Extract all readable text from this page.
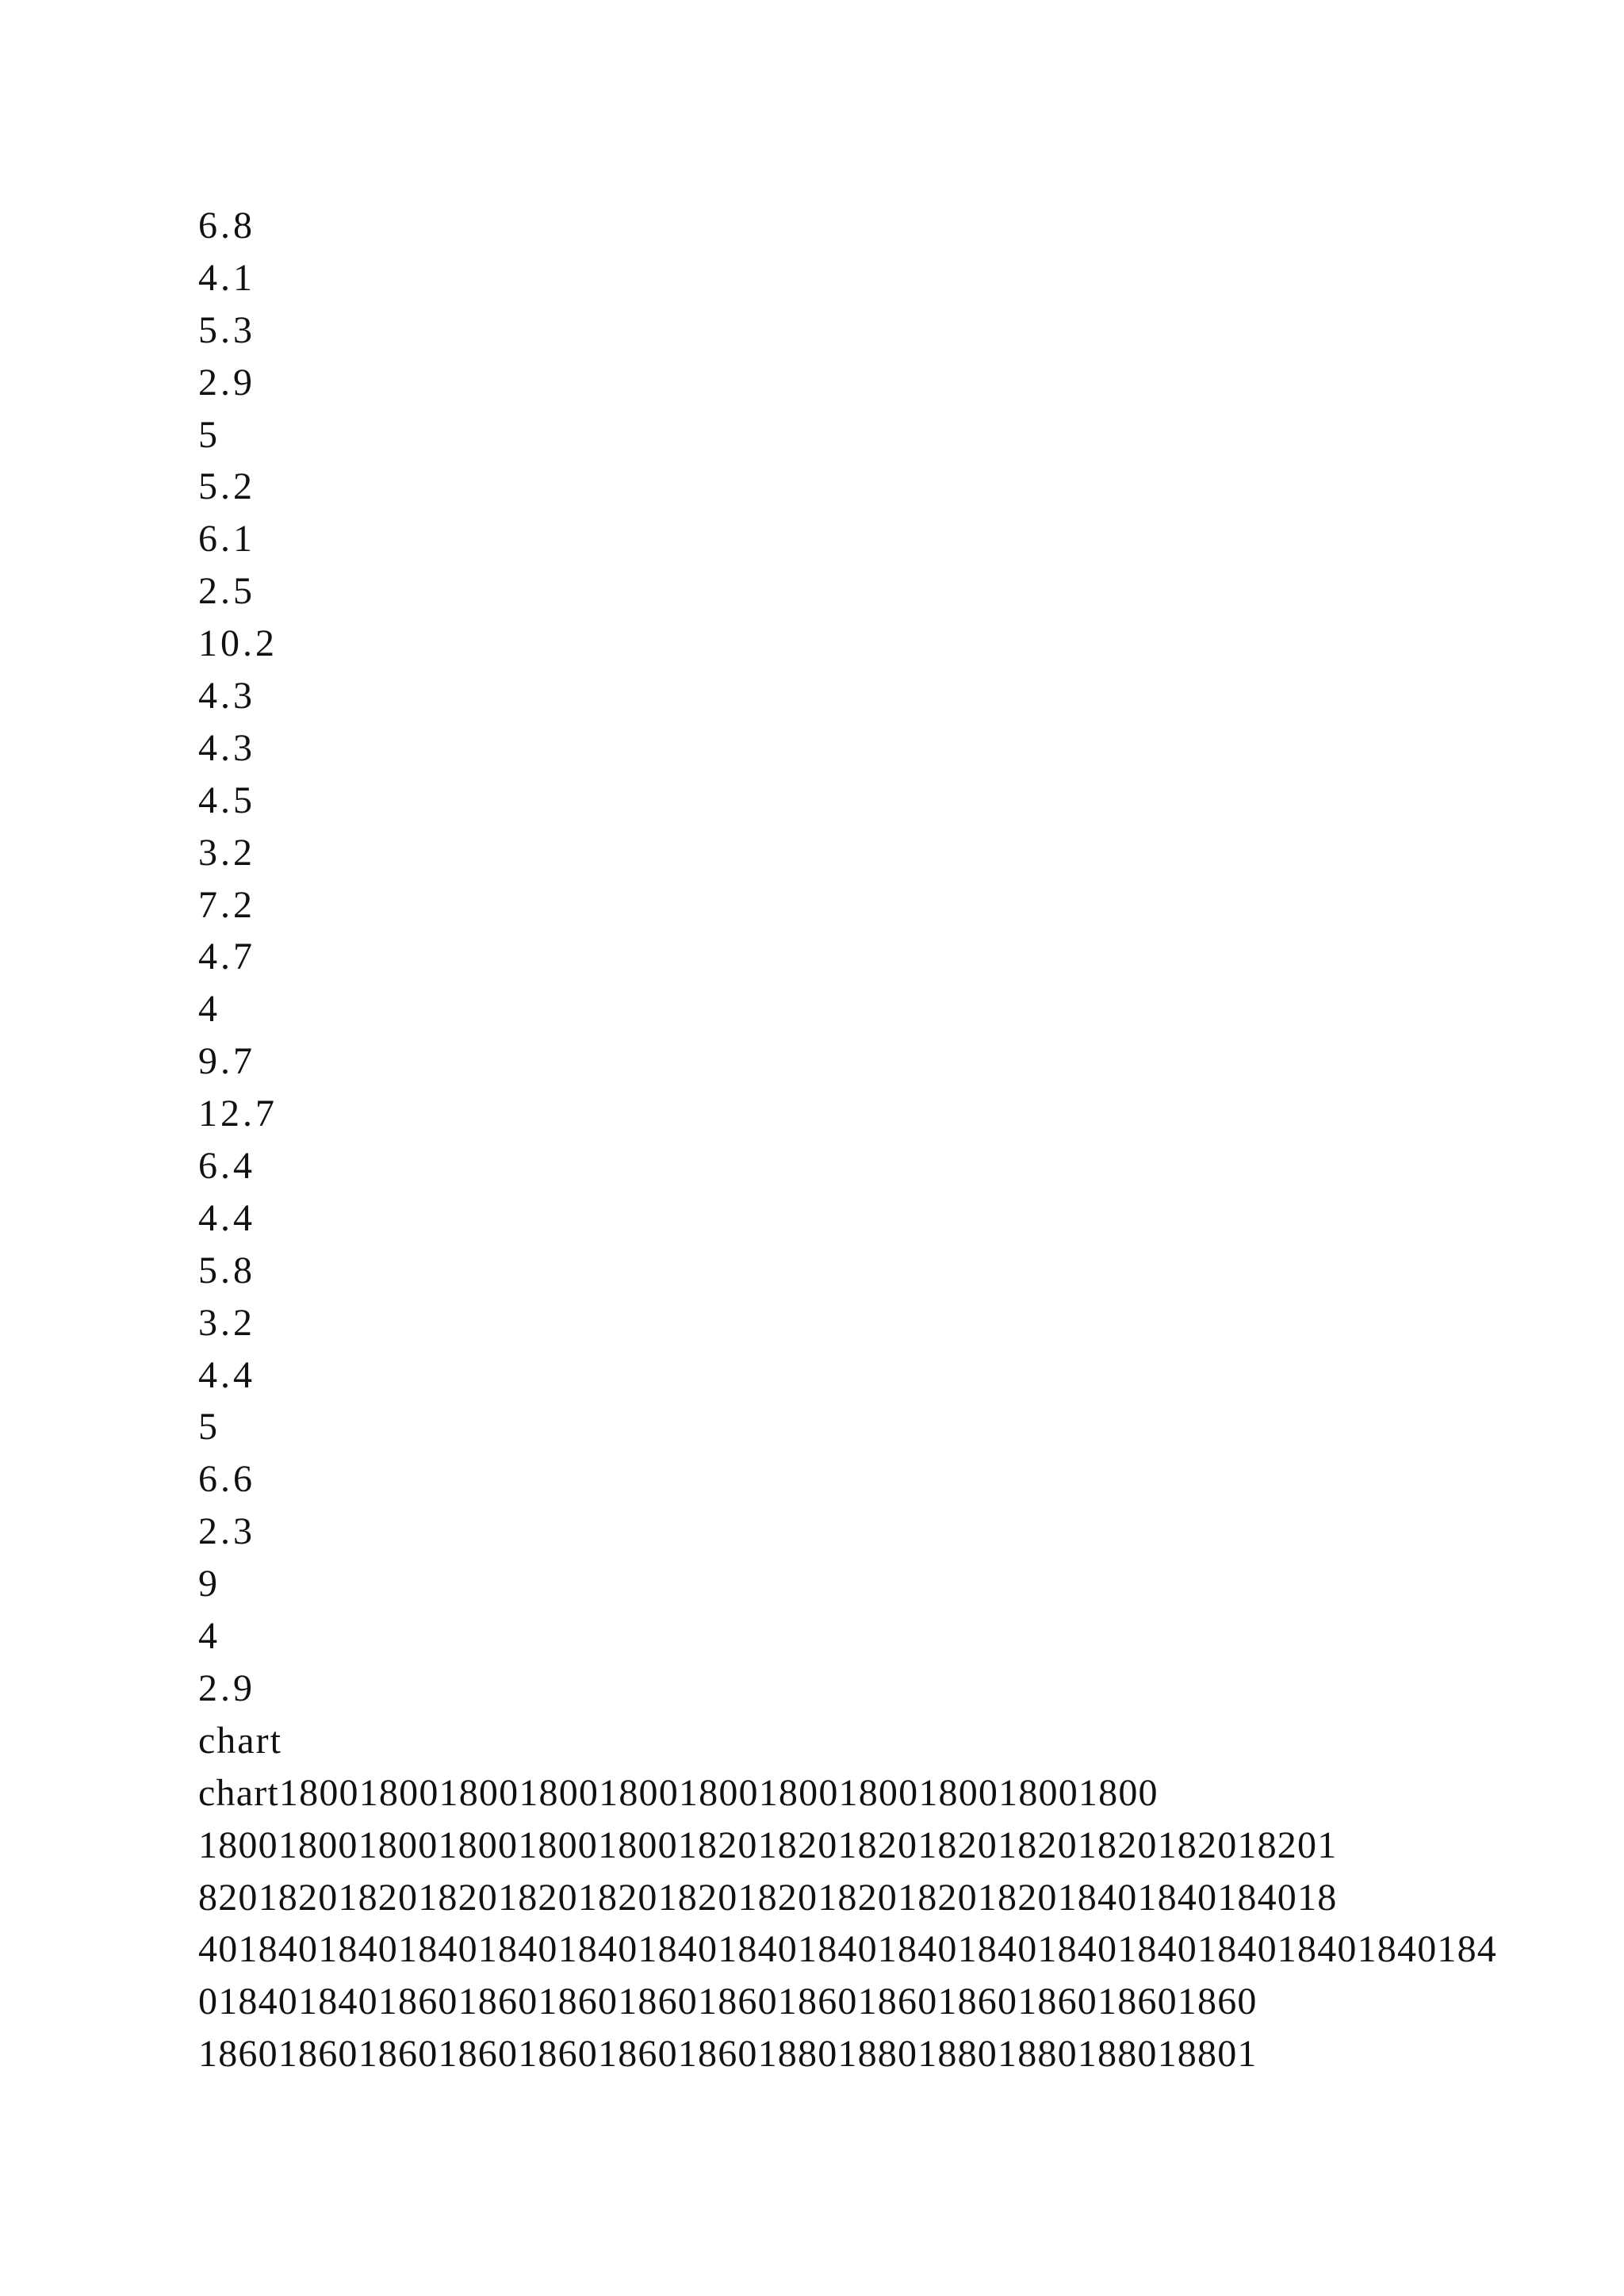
6.8
4.1
5.3
2.9
5
5.2
6.1
2.5
10.2
4.3
4.3
4.5
3.2
7.2
4.7
4
9.7
12.7
6.4
4.4
5.8
3.2
4.4
5
6.6
2.3
9
4
2.9
chart
chart18001800180018001800180018001800180018001800
180018001800180018001800182018201820182018201820182018201
820182018201820182018201820182018201820182018401840184018
40184018401840184018401840184018401840184018401840184018401840184
01840184018601860186018601860186018601860186018601860
18601860186018601860186018601880188018801880188018801
